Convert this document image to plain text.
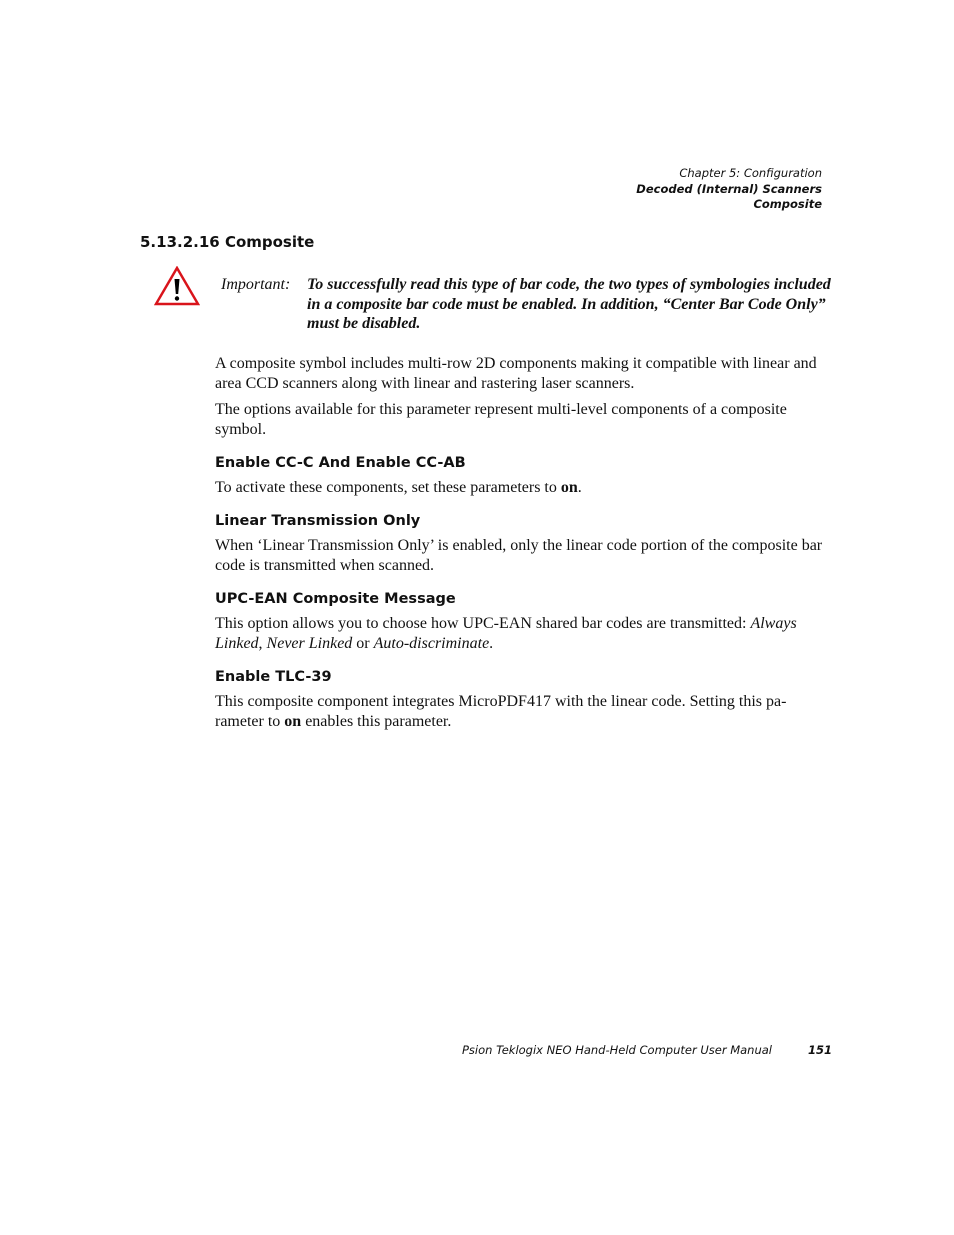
Chapter 5: Configuration
Decoded (Internal) Scanners
Composite
5.13.2.16 Composite
Important: To successfully read this type of bar code, the two types of symbologies included in a composite bar code must be enabled. In addition, “Center Bar Code Only” must be disabled.

A composite symbol includes multi-row 2D components making it compatible with linear and area CCD scanners along with linear and rastering laser scanners.

The options available for this parameter represent multi-level components of a composite symbol.

Enable CC-C And Enable CC-AB

To activate these components, set these parameters to on.

Linear Transmission Only

When ‘Linear Transmission Only’ is enabled, only the linear code portion of the composite bar code is transmitted when scanned.

UPC-EAN Composite Message

This option allows you to choose how UPC-EAN shared bar codes are transmitted: Always Linked, Never Linked or Auto-discriminate.

Enable TLC-39

This composite component integrates MicroPDF417 with the linear code. Setting this pa-rameter to on enables this parameter.

Psion Teklogix NEO Hand-Held Computer User Manual	151
